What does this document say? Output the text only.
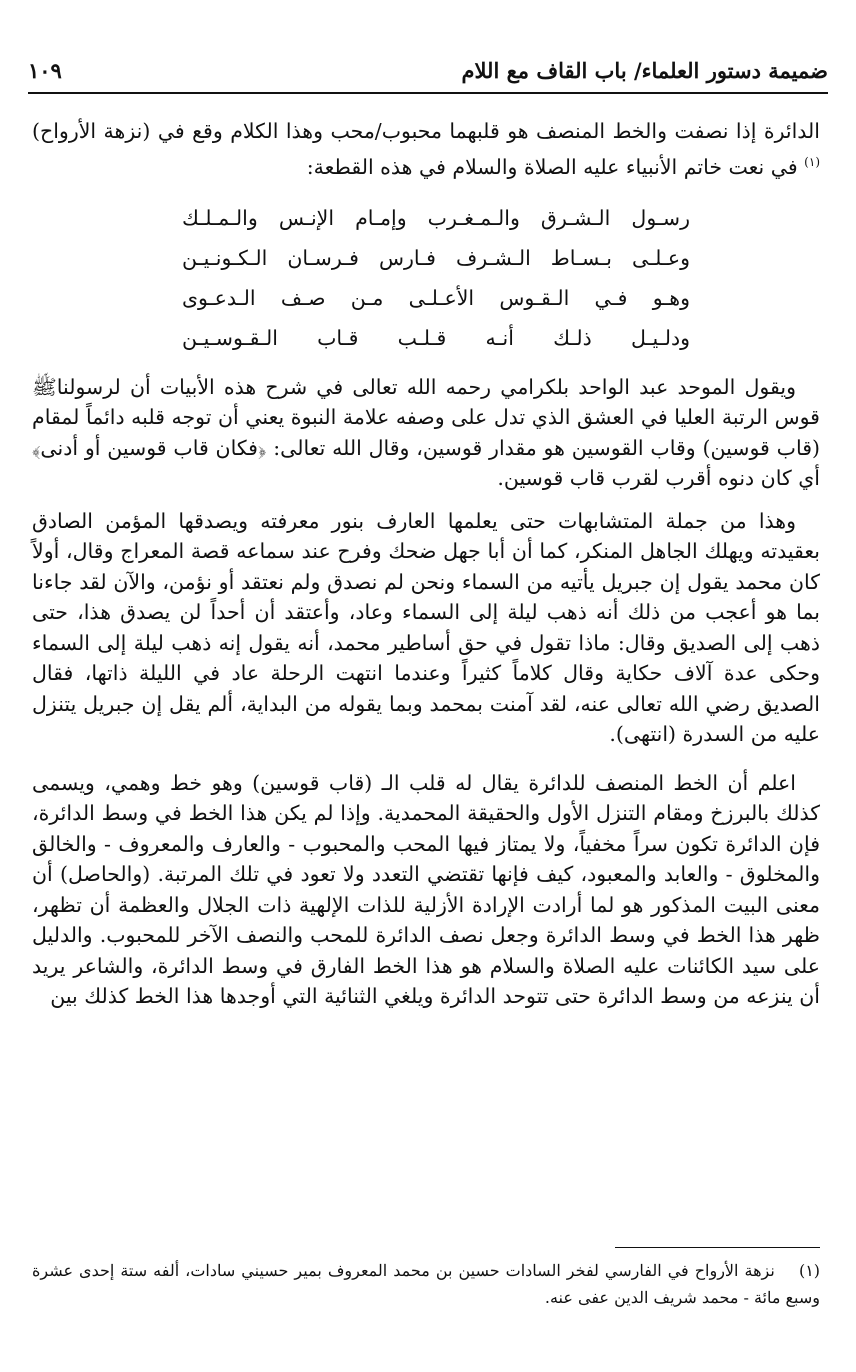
ضميمة دستور العلماء/ باب القاف مع اللام
١٠٩

الدائرة إذا نصفت والخط المنصف هو قلبهما محبوب/محب وهذا الكلام وقع في (نزهة الأرواح)$^{(١)}$ في نعت خاتم الأنبياء عليه الصلاة والسلام في هذه القطعة:

رسـول الـشـرق والـمـغـرب وإمـام الإنـس والـمـلـك
وعـلـى بـسـاط الـشـرف فـارس فـرسـان الـكـونـيـن
وهـو فـي الـقـوس الأعـلـى مـن صـف الـدعـوى
ودلـيـل ذلـك أنـه قـلـب قـاب الـقـوسـيـن

ويقول الموحد عبد الواحد بلكرامي رحمه الله تعالى في شرح هذه الأبيات أن لرسولناﷺ قوس الرتبة العليا في العشق الذي تدل على وصفه علامة النبوة يعني أن توجه قلبه دائماً لمقام (قاب قوسين) وقاب القوسين هو مقدار قوسين، وقال الله تعالى: ﴿فكان قاب قوسين أو أدنى﴾ أي كان دنوه أقرب لقرب قاب قوسين.

وهذا من جملة المتشابهات حتى يعلمها العارف بنور معرفته ويصدقها المؤمن الصادق بعقيدته ويهلك الجاهل المنكر، كما أن أبا جهل ضحك وفرح عند سماعه قصة المعراج وقال، أولاً كان محمد يقول إن جبريل يأتيه من السماء ونحن لم نصدق ولم نعتقد أو نؤمن، والآن لقد جاءنا بما هو أعجب من ذلك أنه ذهب ليلة إلى السماء وعاد، وأعتقد أن أحداً لن يصدق هذا، حتى ذهب إلى الصديق وقال: ماذا تقول في حق أساطير محمد، أنه يقول إنه ذهب ليلة إلى السماء وحكى عدة آلاف حكاية وقال كلاماً كثيراً وعندما انتهت الرحلة عاد في الليلة ذاتها، فقال الصديق رضي الله تعالى عنه، لقد آمنت بمحمد وبما يقوله من البداية، ألم يقل إن جبريل يتنزل عليه من السدرة (انتهى).

اعلم أن الخط المنصف للدائرة يقال له قلب الـ (قاب قوسين) وهو خط وهمي، ويسمى كذلك بالبرزخ ومقام التنزل الأول والحقيقة المحمدية. وإذا لم يكن هذا الخط في وسط الدائرة، فإن الدائرة تكون سراً مخفياً، ولا يمتاز فيها المحب والمحبوب - والعارف والمعروف - والخالق والمخلوق - والعابد والمعبود، كيف فإنها تقتضي التعدد ولا تعود في تلك المرتبة. (والحاصل) أن معنى البيت المذكور هو لما أرادت الإرادة الأزلية للذات الإلهية ذات الجلال والعظمة أن تظهر، ظهر هذا الخط في وسط الدائرة وجعل نصف الدائرة للمحب والنصف الآخر للمحبوب. والدليل على سيد الكائنات عليه الصلاة والسلام هو هذا الخط الفارق في وسط الدائرة، والشاعر يريد أن ينزعه من وسط الدائرة حتى تتوحد الدائرة ويلغي الثنائية التي أوجدها هذا الخط كذلك بين

(١)    نزهة الأرواح في الفارسي لفخر السادات حسين بن محمد المعروف بمير حسيني سادات، ألفه ستة إحدى عشرة وسبع مائة - محمد شريف الدين عفى عنه.
